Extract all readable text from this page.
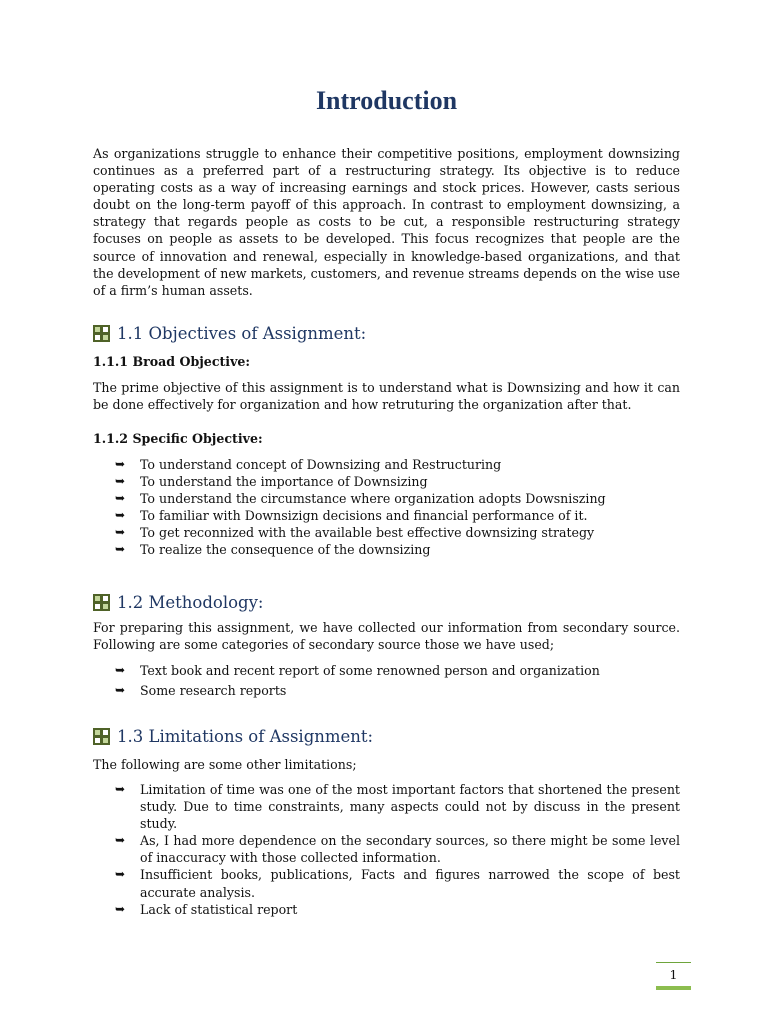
Introduction

As organizations struggle to enhance their competitive positions, employment downsizing continues as a preferred part of a restructuring strategy. Its objective is to reduce operating costs as a way of increasing earnings and stock prices. However, casts serious doubt on the long-term payoff of this approach. In contrast to employment downsizing, a strategy that regards people as costs to be cut, a responsible restructuring strategy focuses on people as assets to be developed. This focus recognizes that people are the source of innovation and renewal, especially in knowledge-based organizations, and that the development of new markets, customers, and revenue streams depends on the wise use of a firm’s human assets.

1.1 Objectives of Assignment:
1.1.1 Broad Objective:

The prime objective of this assignment is to understand what is Downsizing and how it can be done effectively for organization and how retruturing the organization after that.

1.1.2 Specific Objective:
➥ To understand concept of Downsizing and Restructuring
➥ To understand the importance of Downsizing
➥ To understand the circumstance where organization adopts Dowsniszing
➥ To familiar with Downsizign decisions and financial performance of it.
➥ To get reconnized with the available best effective downsizing strategy
➥ To realize the consequence of the downsizing
1.2 Methodology:

For preparing this assignment, we have collected our information from secondary source. Following are some categories of secondary source those we have used;

➥ Text book and recent report of some renowned person and organization
➥ Some research reports
1.3 Limitations of Assignment:

The following are some other limitations;

➥ Limitation of time was one of the most important factors that shortened the present study. Due to time constraints, many aspects could not by discuss in the present study.
➥ As, I had more dependence on the secondary sources, so there might be some level of inaccuracy with those collected information.
➥ Insufficient books, publications, Facts and figures narrowed the scope of best accurate analysis.
➥ Lack of statistical report
1
